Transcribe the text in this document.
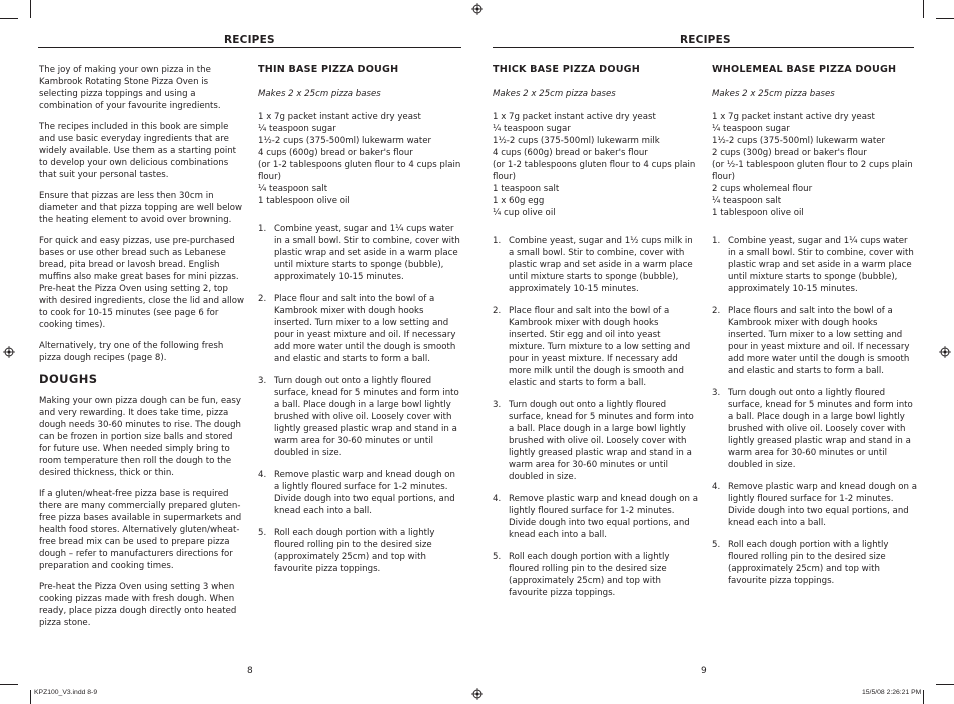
RECIPES	RECIPES

The joy of making your own pizza in the Kambrook Rotating Stone Pizza Oven is selecting pizza toppings and using a combination of your favourite ingredients.

The recipes included in this book are simple and use basic everyday ingredients that are widely available. Use them as a starting point to develop your own delicious combinations that suit your personal tastes.

Ensure that pizzas are less then 30cm in diameter and that pizza topping are well below the heating element to avoid over browning.

For quick and easy pizzas, use pre-purchased bases or use other bread such as Lebanese bread, pita bread or lavosh bread. English muffins also make great bases for mini pizzas. Pre-heat the Pizza Oven using setting 2, top with desired ingredients, close the lid and allow to cook for 10-15 minutes (see page 6 for cooking times).

Alternatively, try one of the following fresh pizza dough recipes (page 8).

DOUGHS

Making your own pizza dough can be fun, easy and very rewarding. It does take time, pizza dough needs 30-60 minutes to rise. The dough can be frozen in portion size balls and stored for future use. When needed simply bring to room temperature then roll the dough to the desired thickness, thick or thin.

If a gluten/wheat-free pizza base is required there are many commercially prepared gluten-free pizza bases available in supermarkets and health food stores. Alternatively gluten/wheat-free bread mix can be used to prepare pizza dough – refer to manufacturers directions for preparation and cooking times.

Pre-heat the Pizza Oven using setting 3 when cooking pizzas made with fresh dough. When ready, place pizza dough directly onto heated pizza stone.

THIN BASE PIZZA DOUGH
Makes 2 x 25cm pizza bases
1 x 7g packet instant active dry yeast
¼ teaspoon sugar
1½-2 cups (375-500ml) lukewarm water
4 cups (600g) bread or baker's flour
(or 1-2 tablespoons gluten flour to 4 cups plain flour)
¼ teaspoon salt
1 tablespoon olive oil
1. Combine yeast, sugar and 1¼ cups water in a small bowl. Stir to combine, cover with plastic wrap and set aside in a warm place until mixture starts to sponge (bubble), approximately 10-15 minutes.
2. Place flour and salt into the bowl of a Kambrook mixer with dough hooks inserted. Turn mixer to a low setting and pour in yeast mixture and oil. If necessary add more water until the dough is smooth and elastic and starts to form a ball.
3. Turn dough out onto a lightly floured surface, knead for 5 minutes and form into a ball. Place dough in a large bowl lightly brushed with olive oil. Loosely cover with lightly greased plastic wrap and stand in a warm area for 30-60 minutes or until doubled in size.
4. Remove plastic warp and knead dough on a lightly floured surface for 1-2 minutes. Divide dough into two equal portions, and knead each into a ball.
5. Roll each dough portion with a lightly floured rolling pin to the desired size (approximately 25cm) and top with favourite pizza toppings.
THICK BASE PIZZA DOUGH
Makes 2 x 25cm pizza bases
1 x 7g packet instant active dry yeast
¼ teaspoon sugar
1½-2 cups (375-500ml) lukewarm milk
4 cups (600g) bread or baker's flour
(or 1-2 tablespoons gluten flour to 4 cups plain flour)
1 teaspoon salt
1 x 60g egg
¼ cup olive oil
1. Combine yeast, sugar and 1½ cups milk in a small bowl. Stir to combine, cover with plastic wrap and set aside in a warm place until mixture starts to sponge (bubble), approximately 10-15 minutes.
2. Place flour and salt into the bowl of a Kambrook mixer with dough hooks inserted. Stir egg and oil into yeast mixture. Turn mixture to a low setting and pour in yeast mixture. If necessary add more milk until the dough is smooth and elastic and starts to form a ball.
3. Turn dough out onto a lightly floured surface, knead for 5 minutes and form into a ball. Place dough in a large bowl lightly brushed with olive oil. Loosely cover with lightly greased plastic wrap and stand in a warm area for 30-60 minutes or until doubled in size.
4. Remove plastic warp and knead dough on a lightly floured surface for 1-2 minutes. Divide dough into two equal portions, and knead each into a ball.
5. Roll each dough portion with a lightly floured rolling pin to the desired size (approximately 25cm) and top with favourite pizza toppings.
WHOLEMEAL BASE PIZZA DOUGH
Makes 2 x 25cm pizza bases
1 x 7g packet instant active dry yeast
¼ teaspoon sugar
1½-2 cups (375-500ml) lukewarm water
2 cups (300g) bread or baker's flour
(or ½-1 tablespoon gluten flour to 2 cups plain flour)
2 cups wholemeal flour
¼ teaspoon salt
1 tablespoon olive oil
1. Combine yeast, sugar and 1¼ cups water in a small bowl. Stir to combine, cover with plastic wrap and set aside in a warm place until mixture starts to sponge (bubble), approximately 10-15 minutes.
2. Place flours and salt into the bowl of a Kambrook mixer with dough hooks inserted. Turn mixer to a low setting and pour in yeast mixture and oil. If necessary add more water until the dough is smooth and elastic and starts to form a ball.
3. Turn dough out onto a lightly floured surface, knead for 5 minutes and form into a ball. Place dough in a large bowl lightly brushed with olive oil. Loosely cover with lightly greased plastic wrap and stand in a warm area for 30-60 minutes or until doubled in size.
4. Remove plastic warp and knead dough on a lightly floured surface for 1-2 minutes. Divide dough into two equal portions, and knead each into a ball.
5. Roll each dough portion with a lightly floured rolling pin to the desired size (approximately 25cm) and top with favourite pizza toppings.
8	9
KPZ100_V3.indd 8-9	15/5/08 2:26:21 PM
